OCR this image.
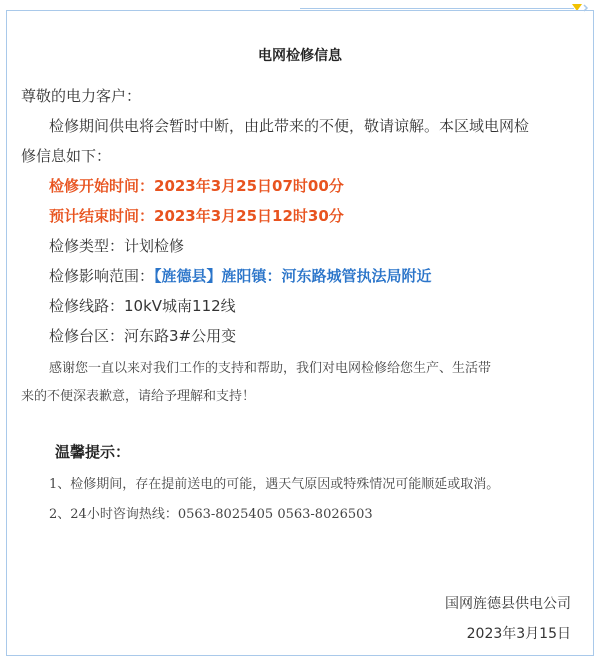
电网检修信息
尊敬的电力客户：
检修期间供电将会暂时中断，由此带来的不便，敬请谅解。本区域电网检
修信息如下：
检修开始时间：2023年3月25日07时00分
预计结束时间：2023年3月25日12时30分
检修类型：计划检修
检修影响范围：【旌德县】旌阳镇：河东路城管执法局附近
检修线路：10kV城南112线
检修台区：河东路3#公用变
感谢您一直以来对我们工作的支持和帮助，我们对电网检修给您生产、生活带
来的不便深表歉意，请给予理解和支持！
温馨提示：
1、检修期间，存在提前送电的可能，遇天气原因或特殊情况可能顺延或取消。
2、24小时咨询热线：0563-8025405 0563-8026503
国网旌德县供电公司
2023年3月15日
